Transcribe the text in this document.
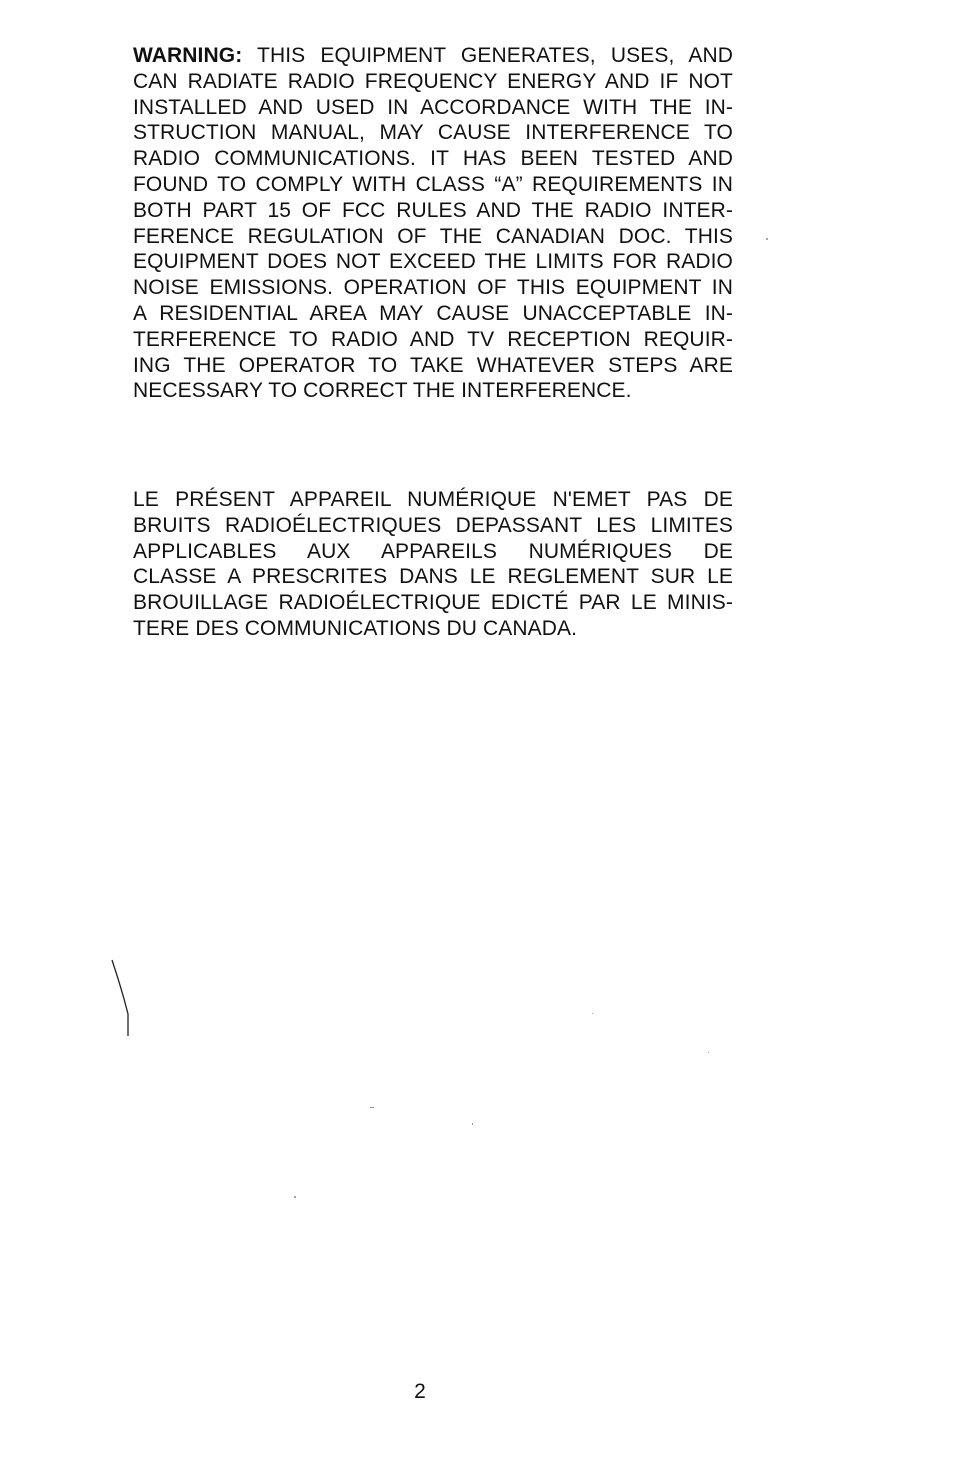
WARNING: THIS EQUIPMENT GENERATES, USES, AND
CAN RADIATE RADIO FREQUENCY ENERGY AND IF NOT
INSTALLED AND USED IN ACCORDANCE WITH THE IN-
STRUCTION MANUAL, MAY CAUSE INTERFERENCE TO
RADIO COMMUNICATIONS. IT HAS BEEN TESTED AND
FOUND TO COMPLY WITH CLASS “A” REQUIREMENTS IN
BOTH PART 15 OF FCC RULES AND THE RADIO INTER-
FERENCE REGULATION OF THE CANADIAN DOC. THIS
EQUIPMENT DOES NOT EXCEED THE LIMITS FOR RADIO
NOISE EMISSIONS. OPERATION OF THIS EQUIPMENT IN
A RESIDENTIAL AREA MAY CAUSE UNACCEPTABLE IN-
TERFERENCE TO RADIO AND TV RECEPTION REQUIR-
ING THE OPERATOR TO TAKE WHATEVER STEPS ARE
NECESSARY TO CORRECT THE INTERFERENCE.
LE PRÉSENT APPAREIL NUMÉRIQUE N'EMET PAS DE
BRUITS RADIOÉLECTRIQUES DEPASSANT LES LIMITES
APPLICABLES AUX APPAREILS NUMÉRIQUES DE
CLASSE A PRESCRITES DANS LE REGLEMENT SUR LE
BROUILLAGE RADIOÉLECTRIQUE EDICTÉ PAR LE MINIS-
TERE DES COMMUNICATIONS DU CANADA.
2
